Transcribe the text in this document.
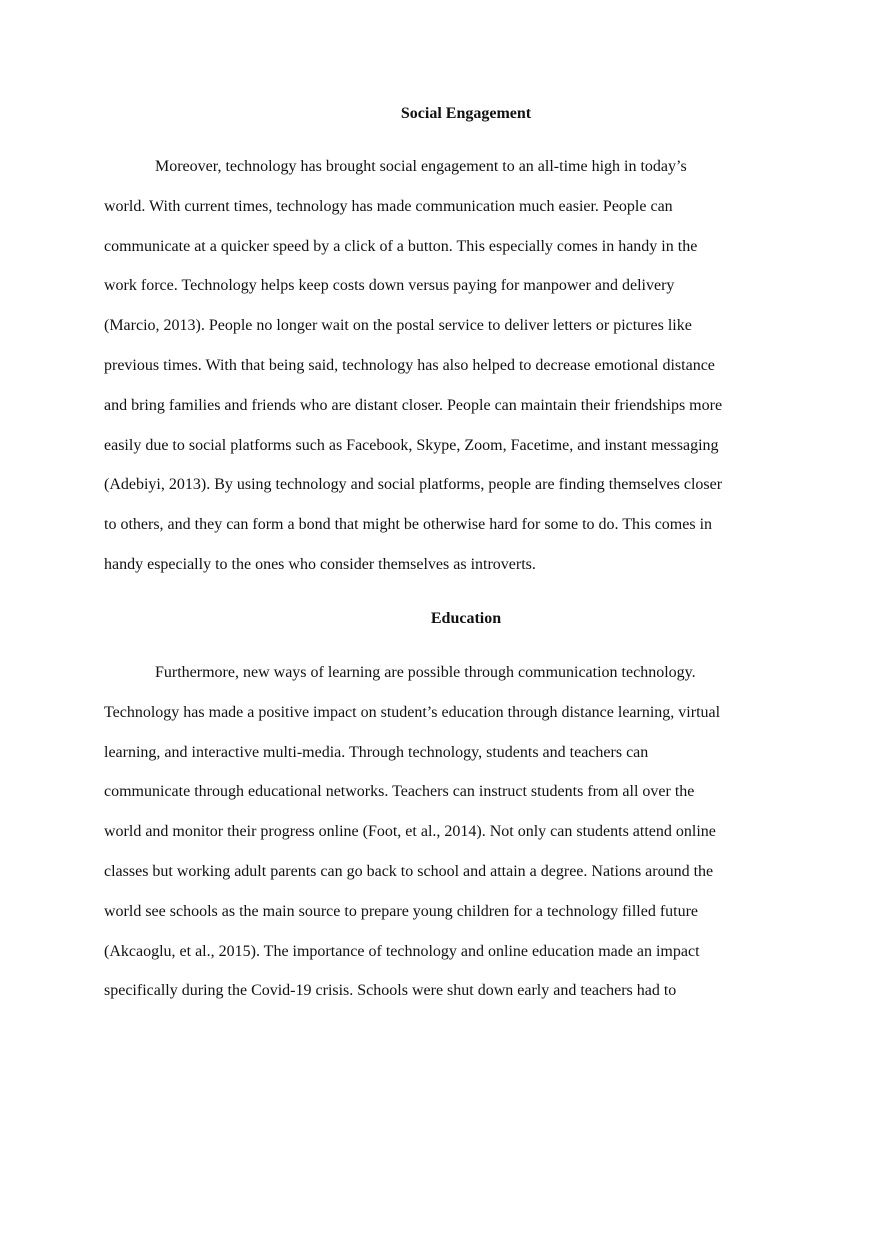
Social Engagement
Moreover, technology has brought social engagement to an all-time high in today’s
world. With current times, technology has made communication much easier. People can
communicate at a quicker speed by a click of a button. This especially comes in handy in the
work force. Technology helps keep costs down versus paying for manpower and delivery
(Marcio, 2013). People no longer wait on the postal service to deliver letters or pictures like
previous times. With that being said, technology has also helped to decrease emotional distance
and bring families and friends who are distant closer. People can maintain their friendships more
easily due to social platforms such as Facebook, Skype, Zoom, Facetime, and instant messaging
(Adebiyi, 2013). By using technology and social platforms, people are finding themselves closer
to others, and they can form a bond that might be otherwise hard for some to do. This comes in
handy especially to the ones who consider themselves as introverts.
Education
Furthermore, new ways of learning are possible through communication technology.
Technology has made a positive impact on student’s education through distance learning, virtual
learning, and interactive multi-media. Through technology, students and teachers can
communicate through educational networks. Teachers can instruct students from all over the
world and monitor their progress online (Foot, et al., 2014). Not only can students attend online
classes but working adult parents can go back to school and attain a degree. Nations around the
world see schools as the main source to prepare young children for a technology filled future
(Akcaoglu, et al., 2015). The importance of technology and online education made an impact
specifically during the Covid-19 crisis. Schools were shut down early and teachers had to
